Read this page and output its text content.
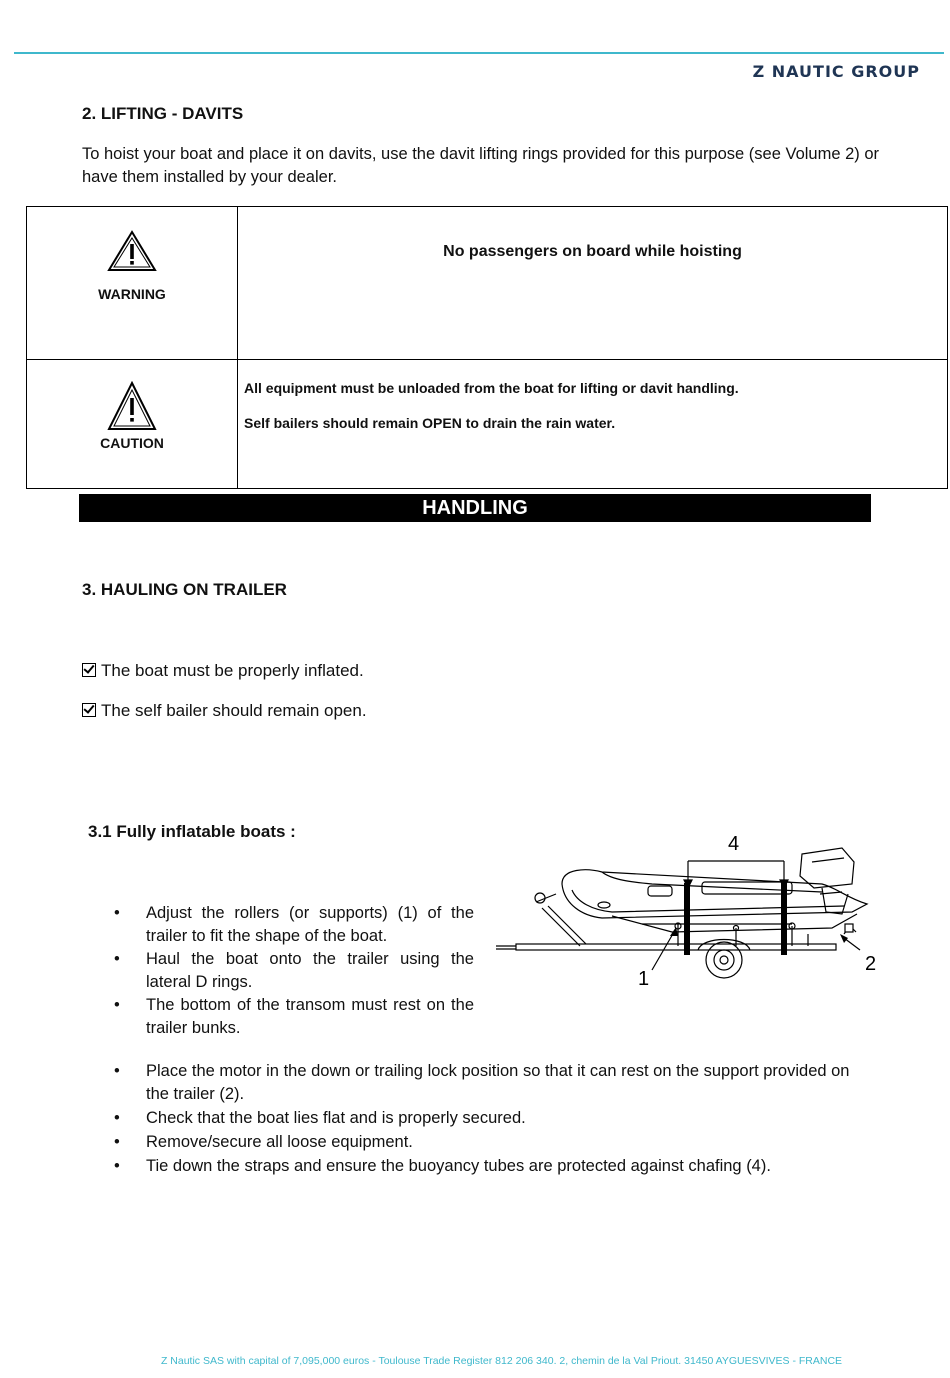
Z NAUTIC GROUP
2. LIFTING - DAVITS
To hoist your boat and place it on davits, use the davit lifting rings provided for this purpose (see Volume 2) or have them installed by your dealer.
WARNING	No passengers on board while hoisting

CAUTION	All equipment must be unloaded from the boat for lifting or davit handling.

Self bailers should remain OPEN to drain the rain water.

HANDLING
3. HAULING ON TRAILER
The boat must be properly inflated.
The self bailer should remain open.
3.1 Fully inflatable boats :
• Adjust the rollers (or supports) (1) of the trailer to fit the shape of the boat.
• Haul the boat onto the trailer using the lateral D rings.
• The bottom of the transom must rest on the trailer bunks.
4
1
2
• Place the motor in the down or trailing lock position so that it can rest on the support provided on the trailer (2).
• Check that the boat lies flat and is properly secured.
• Remove/secure all loose equipment.
• Tie down the straps and ensure the buoyancy tubes are protected against chafing (4).
Z Nautic SAS with capital of 7,095,000 euros - Toulouse Trade Register 812 206 340. 2, chemin de la Val Priout. 31450 AYGUESVIVES - FRANCE
